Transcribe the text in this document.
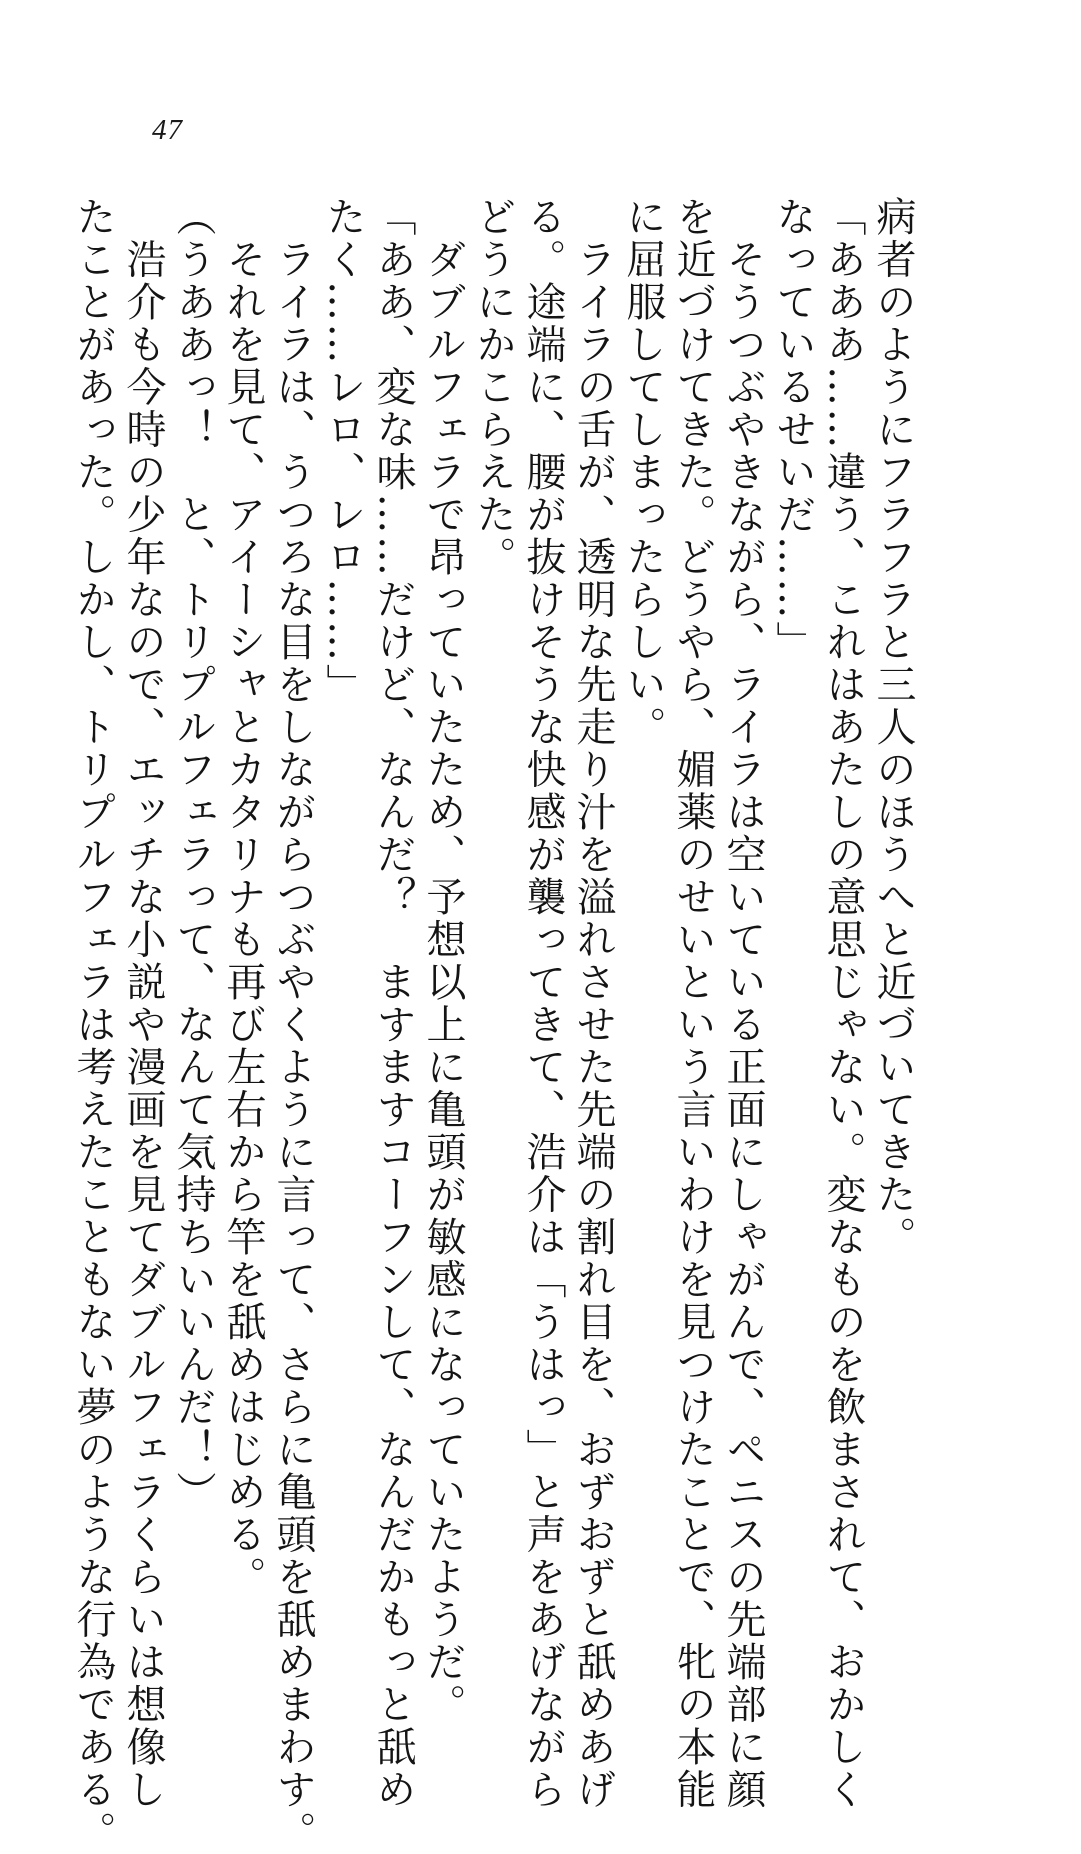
47
病者のようにフラフラと三人のほうへと近づいてきた。
「あああ……違う、これはあたしの意思じゃない。変なものを飲まされて、おかしく
なっているせいだ……」
　そうつぶやきながら、ライラは空いている正面にしゃがんで、ペニスの先端部に顔
を近づけてきた。どうやら、媚薬のせいという言いわけを見つけたことで、牝の本能
に屈服してしまったらしい。
　ライラの舌が、透明な先走り汁を溢れさせた先端の割れ目を、おずおずと舐めあげ
る。途端に、腰が抜けそうな快感が襲ってきて、浩介は「うはっ」と声をあげながら
どうにかこらえた。
　ダブルフェラで昂っていたため、予想以上に亀頭が敏感になっていたようだ。
「ああ、変な味……だけど、なんだ？　ますますコーフンして、なんだかもっと舐め
たく……レロ、レロ……」
　ライラは、うつろな目をしながらつぶやくように言って、さらに亀頭を舐めまわす。
　それを見て、アイーシャとカタリナも再び左右から竿を舐めはじめる。
（うああっ！　と、トリプルフェラって、なんて気持ちいいんだ！）
　浩介も今時の少年なので、エッチな小説や漫画を見てダブルフェラくらいは想像し
たことがあった。しかし、トリプルフェラは考えたこともない夢のような行為である。
